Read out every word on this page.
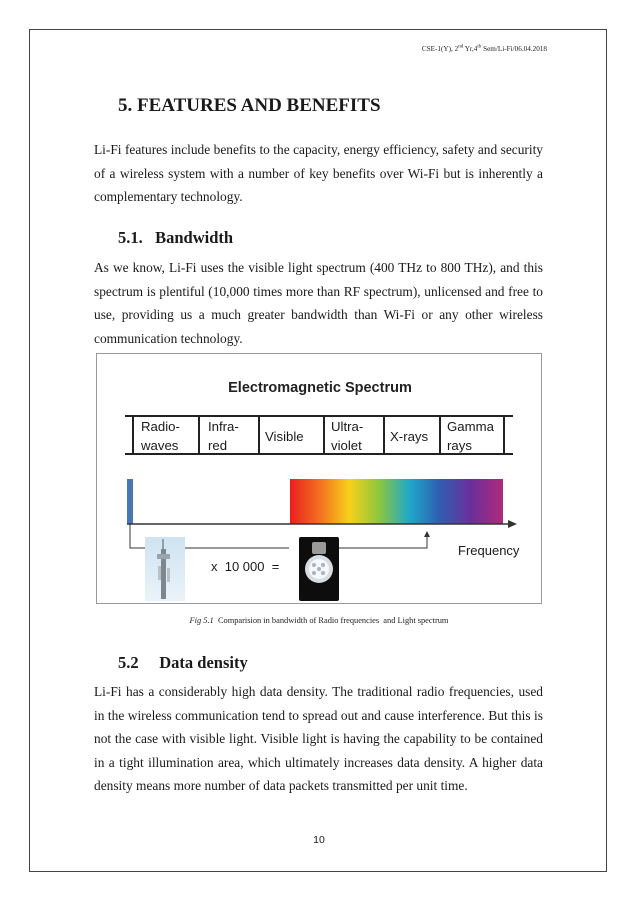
CSE-1(Y), 2nd Yr,4th Sem/Li-Fi/06.04.2018
5. FEATURES AND BENEFITS

Li-Fi features include benefits to the capacity, energy efficiency, safety and security of a wireless system with a number of key benefits over Wi-Fi but is inherently a complementary technology.

5.1.   Bandwidth

As we know, Li-Fi uses the visible light spectrum (400 THz to 800 THz), and this spectrum is plentiful (10,000 times more than RF spectrum), unlicensed and free to use, providing us a much greater bandwidth than Wi-Fi or any other wireless communication technology.

Electromagnetic Spectrum
Radio-
waves
Infra-
red
Visible
Ultra-
violet
X-rays
Gamma
rays
x  10 000  =
Frequency
Fig 5.1  Comparision in bandwidth of Radio frequencies  and Light spectrum
5.2     Data density

Li-Fi has a considerably high data density. The traditional radio frequencies, used in the wireless communication tend to spread out and cause interference. But this is not the case with visible light. Visible light is having the capability to be contained in a tight illumination area, which ultimately increases data density. A higher data density means more number of data packets transmitted per unit time.

10
